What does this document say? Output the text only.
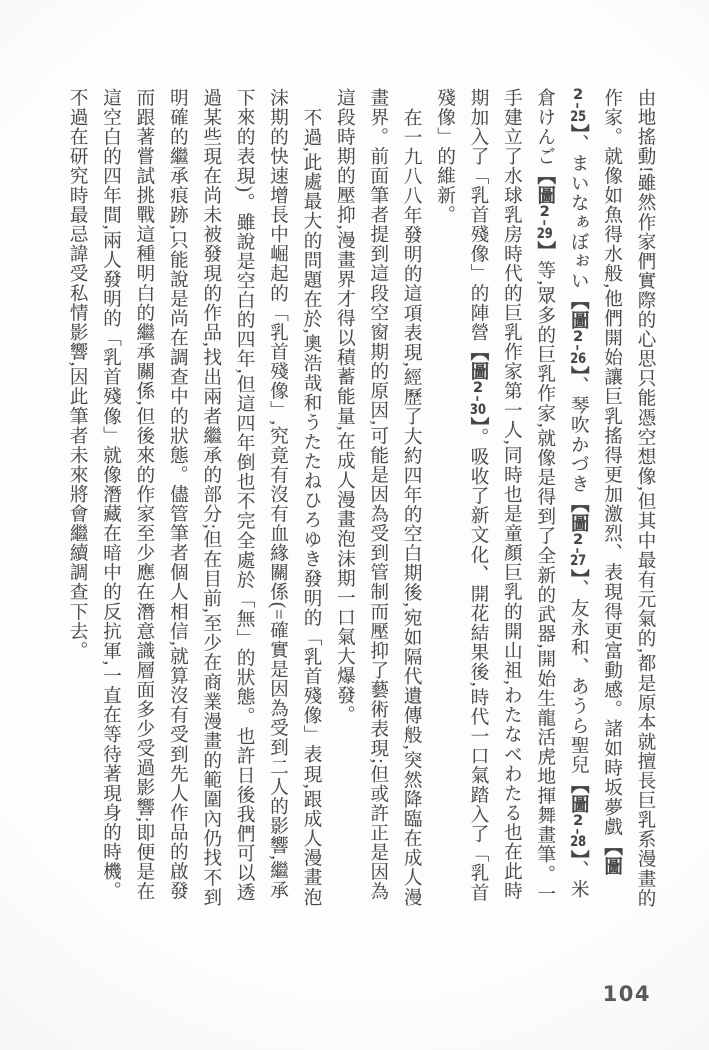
由地搖動!雖然作家們實際的心思只能憑空想像,但其中最有元氣的,都是原本就擅長巨乳系漫畫的作家。就像如魚得水般,他們開始讓巨乳搖得更加激烈、表現得更富動感。諸如時坂夢戲【圖2-25】、まいなぁぼぉい【圖2-26】、琴吹かづき【圖2-27】、友永和、あうら聖兒【圖2-28】、米倉けんご【圖2-29】等,眾多的巨乳作家,就像是得到了全新的武器,開始生龍活虎地揮舞畫筆。一手建立了水球乳房時代的巨乳作家第一人,同時也是童顏巨乳的開山祖,わたなべわたる也在此時期加入了「乳首殘像」的陣營【圖2-30】。吸收了新文化、開花結果後,時代一口氣踏入了「乳首殘像」的維新。

在一九八八年發明的這項表現,經歷了大約四年的空白期後,宛如隔代遺傳般,突然降臨在成人漫畫界。前面筆者提到這段空窗期的原因,可能是因為受到管制而壓抑了藝術表現;但或許正是因為這段時期的壓抑,漫畫界才得以積蓄能量,在成人漫畫泡沫期一口氣大爆發。

不過,此處最大的問題在於,奧浩哉和うたたねひろゆき發明的「乳首殘像」表現,跟成人漫畫泡沫期的快速增長中崛起的「乳首殘像」,究竟有沒有血緣關係(=確實是因為受到二人的影響,繼承下來的表現)。雖說是空白的四年,但這四年倒也不完全處於「無」的狀態。也許日後我們可以透過某些現在尚未被發現的作品,找出兩者繼承的部分;但在目前,至少在商業漫畫的範圍內仍找不到明確的繼承痕跡,只能說是尚在調查中的狀態。儘管筆者個人相信,就算沒有受到先人作品的啟發而跟著嘗試挑戰這種明白的繼承關係,但後來的作家至少應在潛意識層面多少受過影響;即便是在這空白的四年間,兩人發明的「乳首殘像」就像潛藏在暗中的反抗軍,一直在等待著現身的時機。不過在研究時最忌諱受私情影響,因此筆者未來將會繼續調查下去。

104
